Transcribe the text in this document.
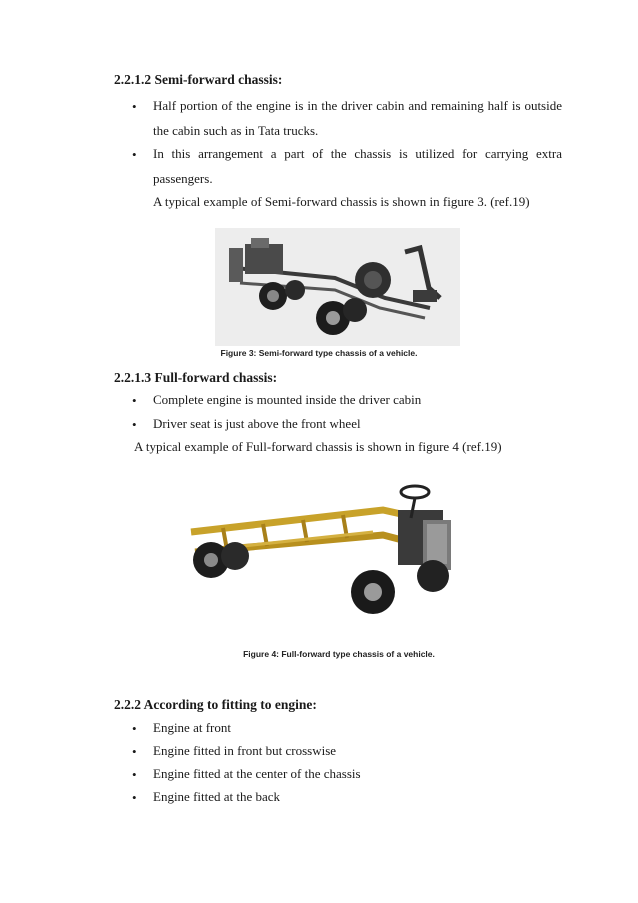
2.2.1.2 Semi-forward chassis:
• Half portion of the engine is in the driver cabin and remaining half is outside
the cabin such as in Tata trucks.
• In this arrangement a part of the chassis is utilized for carrying extra
passengers.
A typical example of Semi-forward chassis is shown in figure 3. (ref.19)
Figure 3: Semi-forward type chassis of a vehicle.
2.2.1.3 Full-forward chassis:
• Complete engine is mounted inside the driver cabin
• Driver seat is just above the front wheel
A typical example of Full-forward chassis is shown in figure 4 (ref.19)
Figure 4: Full-forward type chassis of a vehicle.
2.2.2 According to fitting to engine:
• Engine at front
• Engine fitted in front but crosswise
• Engine fitted at the center of the chassis
• Engine fitted at the back
